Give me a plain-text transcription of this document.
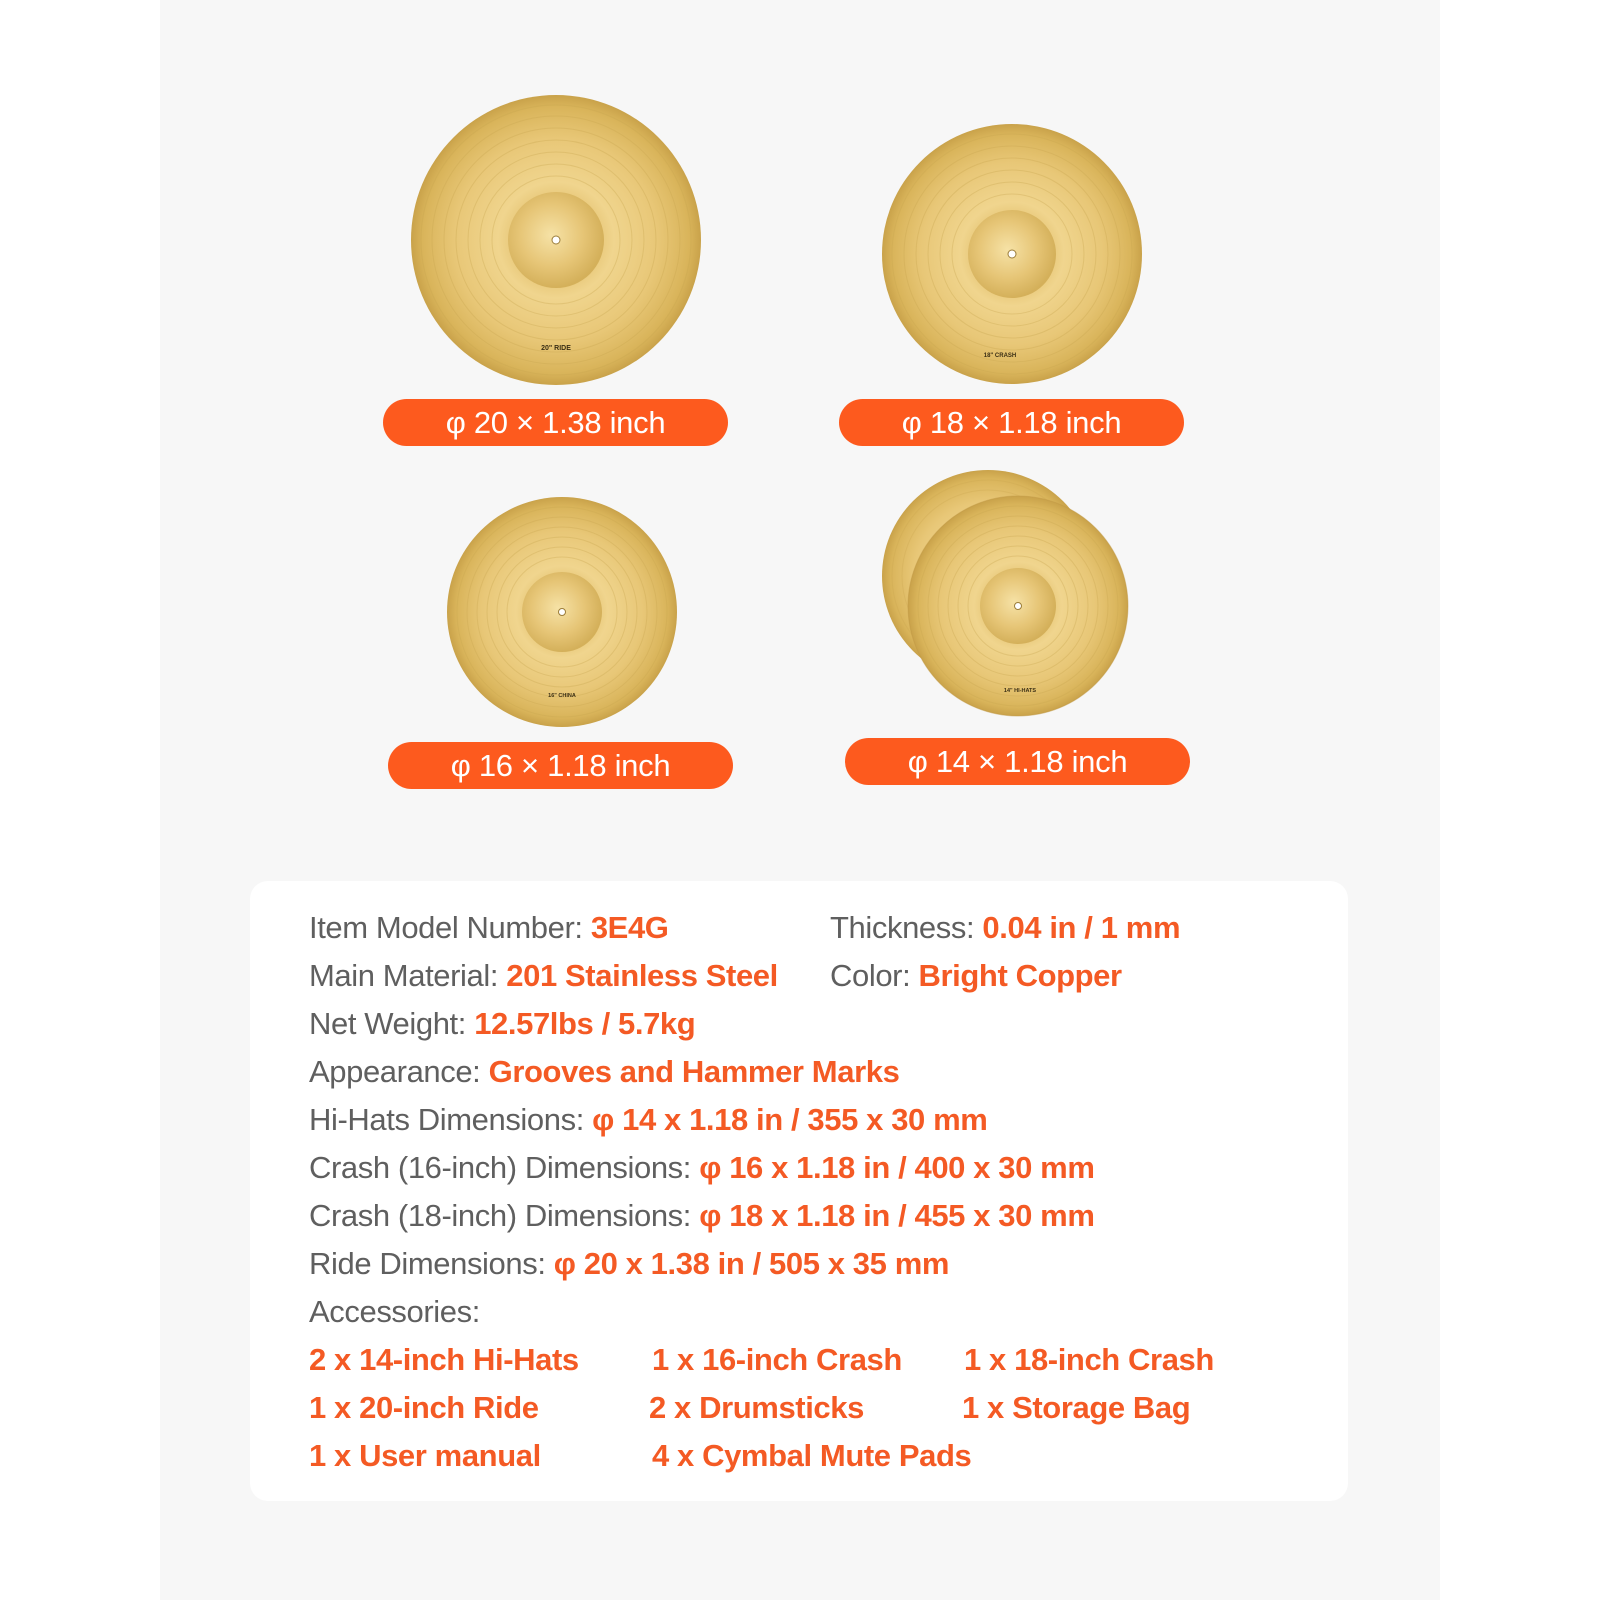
20" RIDE
φ 20 × 1.38 inch
18" CRASH
φ 18 × 1.18 inch
16" CHINA
φ 16 × 1.18 inch
14" HI-HATS
φ 14 × 1.18 inch
Item Model Number: 3E4G	Thickness: 0.04 in / 1 mm
Main Material: 201 Stainless Steel Color: Bright Copper
Net Weight: 12.57lbs / 5.7kg
Appearance: Grooves and Hammer Marks
Hi-Hats Dimensions: φ 14 x 1.18 in / 355 x 30 mm
Crash (16-inch) Dimensions: φ 16 x 1.18 in / 400 x 30 mm
Crash (18-inch) Dimensions: φ 18 x 1.18 in / 455 x 30 mm
Ride Dimensions: φ 20 x 1.38 in / 505 x 35 mm
Accessories:
2 x 14-inch Hi-Hats 1 x 16-inch Crash 1 x 18-inch Crash
1 x 20-inch Ride	2 x Drumsticks	1 x Storage Bag
1 x User manual	4 x Cymbal Mute Pads
